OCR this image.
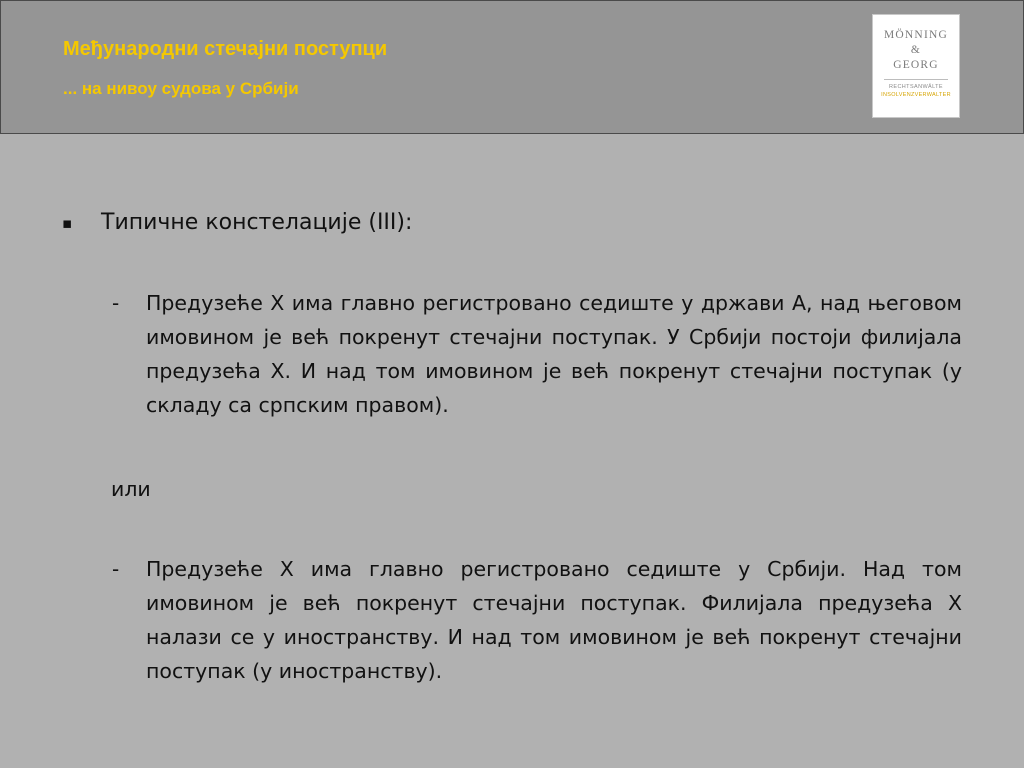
Међународни стечајни поступци
... на нивоу судова у Србији
MÖNNING
&
GEORG
RECHTSANWÄLTE
INSOLVENZVERWALTER
▪ Типичне констелације (III):
- Предузеће X има главно регистровано седиште у држави А, над његовом имовином је већ покренут стечајни поступак. У Србији постоји филијала предузећа X. И над том имовином је већ покренут стечајни поступак (у складу са српским правом).
или
- Предузеће X има главно регистровано седиште у Србији. Над том имовином је већ покренут стечајни поступак. Филијала предузећа X налази се у иностранству. И над том имовином је већ покренут стечајни поступак (у иностранству).
